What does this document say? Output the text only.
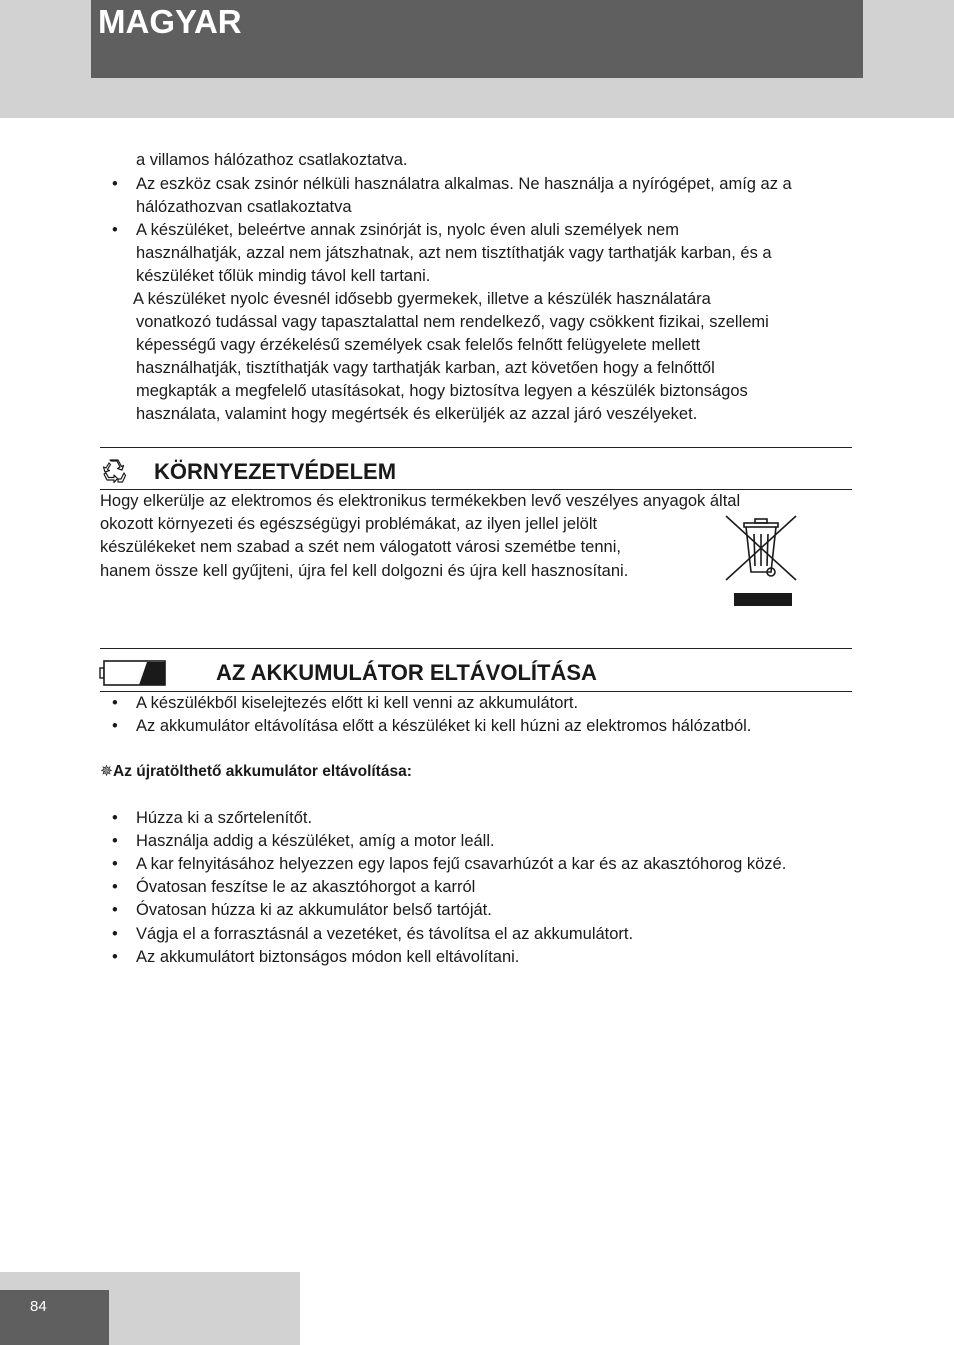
MAGYAR
a villamos hálózathoz csatlakoztatva.
• Az eszköz csak zsinór nélküli használatra alkalmas. Ne használja a nyírógépet, amíg az a
hálózathozvan csatlakoztatva
• A készüléket, beleértve annak zsinórját is, nyolc éven aluli személyek nem
használhatják, azzal nem játszhatnak, azt nem tisztíthatják vagy tarthatják karban, és a
készüléket tőlük mindig távol kell tartani.
A készüléket nyolc évesnél idősebb gyermekek, illetve a készülék használatára
vonatkozó tudással vagy tapasztalattal nem rendelkező, vagy csökkent fizikai, szellemi
képességű vagy érzékelésű személyek csak felelős felnőtt felügyelete mellett
használhatják, tisztíthatják vagy tarthatják karban, azt követően hogy a felnőttől
megkapták a megfelelő utasításokat, hogy biztosítva legyen a készülék biztonságos
használata, valamint hogy megértsék és elkerüljék az azzal járó veszélyeket.
KÖRNYEZETVÉDELEM
Hogy elkerülje az elektromos és elektronikus termékekben levő veszélyes anyagok által
okozott környezeti és egészségügyi problémákat, az ilyen jellel jelölt
készülékeket nem szabad a szét nem válogatott városi szemétbe tenni,
hanem össze kell gyűjteni, újra fel kell dolgozni és újra kell hasznosítani.
AZ AKKUMULÁTOR ELTÁVOLÍTÁSA
• A készülékből kiselejtezés előtt ki kell venni az akkumulátort.
• Az akkumulátor eltávolítása előtt a készüléket ki kell húzni az elektromos hálózatból.
✵Az újratölthető akkumulátor eltávolítása:
• Húzza ki a szőrtelenítőt.
• Használja addig a készüléket, amíg a motor leáll.
• A kar felnyitásához helyezzen egy lapos fejű csavarhúzót a kar és az akasztóhorog közé.
• Óvatosan feszítse le az akasztóhorgot a karról
• Óvatosan húzza ki az akkumulátor belső tartóját.
• Vágja el a forrasztásnál a vezetéket, és távolítsa el az akkumulátort.
• Az akkumulátort biztonságos módon kell eltávolítani.
84
